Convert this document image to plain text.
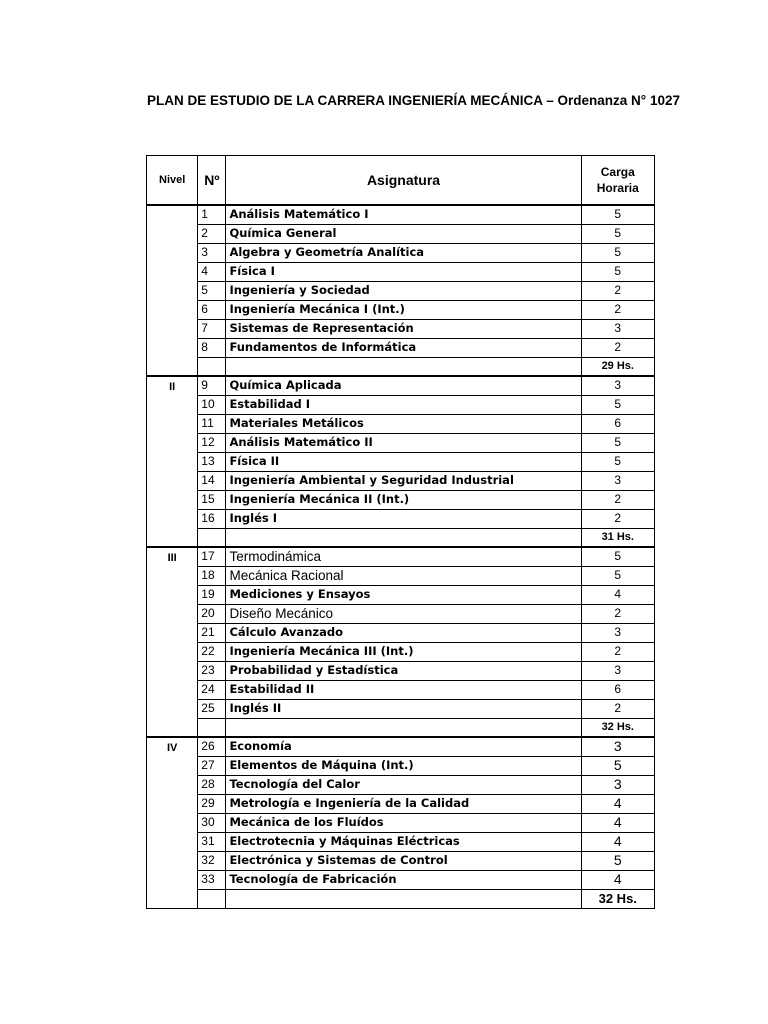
PLAN DE ESTUDIO DE LA CARRERA INGENIERÍA MECÁNICA – Ordenanza N° 1027
Nivel	Nº	Asignatura	Carga
Horaria
	1	Análisis Matemático I	5
	2	Química General	5
	3	Algebra y Geometría Analítica	5
	4	Física I	5
	5	Ingeniería y Sociedad	2
	6	Ingeniería Mecánica I (Int.)	2
	7	Sistemas de Representación	3
	8	Fundamentos de Informática	2
			29 Hs.
II	9	Química Aplicada	3
	10	Estabilidad I	5
	11	Materiales Metálicos	6
	12	Análisis Matemático II	5
	13	Física II	5
	14	Ingeniería Ambiental y Seguridad Industrial	3
	15	Ingeniería Mecánica II (Int.)	2
	16	Inglés I	2
			31 Hs.
III	17	Termodinámica	5
	18	Mecánica Racional	5
	19	Mediciones y Ensayos	4
	20	Diseño Mecánico	2
	21	Cálculo Avanzado	3
	22	Ingeniería Mecánica III (Int.)	2
	23	Probabilidad y Estadística	3
	24	Estabilidad II	6
	25	Inglés II	2
			32 Hs.
IV	26	Economía	3
	27	Elementos de Máquina (Int.)	5
	28	Tecnología del Calor	3
	29	Metrología e Ingeniería de la Calidad	4
	30	Mecánica de los Fluídos	4
	31	Electrotecnia y Máquinas Eléctricas	4
	32	Electrónica y Sistemas de Control	5
	33	Tecnología de Fabricación	4
			32 Hs.
